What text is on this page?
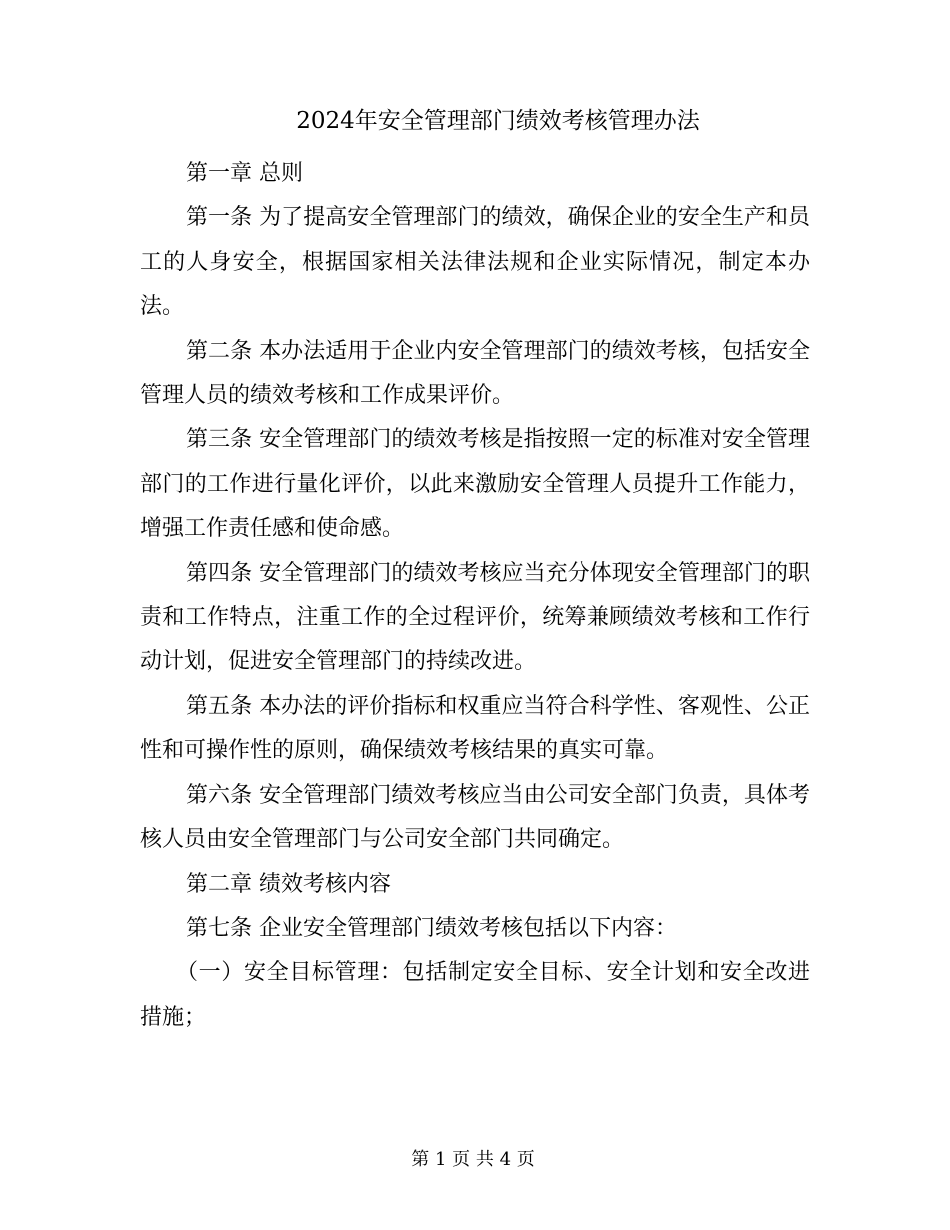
2024年安全管理部门绩效考核管理办法

第一章 总则

第一条 为了提高安全管理部门的绩效，确保企业的安全生产和员工的人身安全，根据国家相关法律法规和企业实际情况，制定本办法。

第二条 本办法适用于企业内安全管理部门的绩效考核，包括安全管理人员的绩效考核和工作成果评价。

第三条 安全管理部门的绩效考核是指按照一定的标准对安全管理部门的工作进行量化评价，以此来激励安全管理人员提升工作能力，增强工作责任感和使命感。

第四条 安全管理部门的绩效考核应当充分体现安全管理部门的职责和工作特点，注重工作的全过程评价，统筹兼顾绩效考核和工作行动计划，促进安全管理部门的持续改进。

第五条 本办法的评价指标和权重应当符合科学性、客观性、公正性和可操作性的原则，确保绩效考核结果的真实可靠。

第六条 安全管理部门绩效考核应当由公司安全部门负责，具体考核人员由安全管理部门与公司安全部门共同确定。

第二章 绩效考核内容

第七条 企业安全管理部门绩效考核包括以下内容：

（一）安全目标管理：包括制定安全目标、安全计划和安全改进措施；

第 1 页 共 4 页
